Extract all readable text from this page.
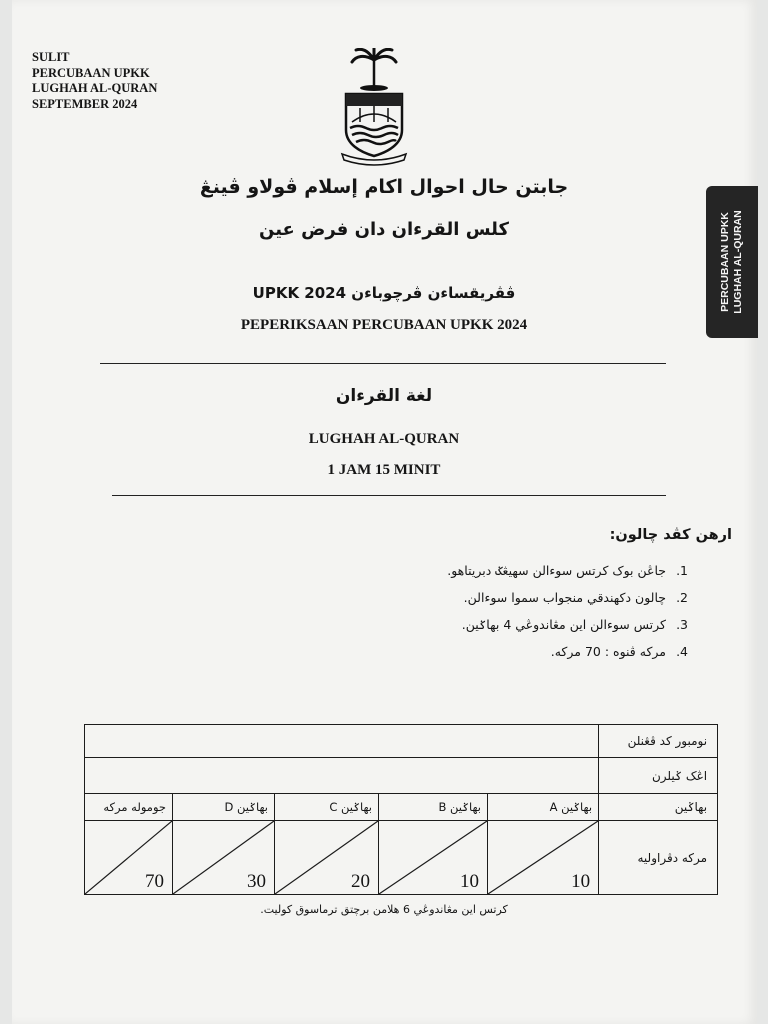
SULIT
PERCUBAAN UPKK
LUGHAH AL-QURAN
SEPTEMBER 2024
جابتن حال احوال اکام إسلام ڤولاو ڤينڠ
کلس القرءان دان فرض عين
ڤڤريقساءن ڤرچوباءن UPKK 2024
PEPERIKSAAN PERCUBAAN UPKK 2024
لغة القرءان
LUGHAH AL-QURAN
1 JAM 15 MINIT
PERCUBAAN UPKK LUGHAH AL-QURAN
ارهن کڤد چالون:
1.
جاڠن بوک کرتس سوءالن سهيڠݢ دبريتاهو.
2.
چالون دکهندقي منجواب سموا سوءالن.
3.
کرتس سوءالن اين مڠاندوڠي 4 بهاݢين.
4.
مرکه ڤنوه : 70 مرکه.
					نومبور کد ڤڠنلن
					اڠک ݢيلرن
جوموله مرکه	بهاݢين D	بهاݢين C	بهاݢين B	بهاݢين A	بهاݢين

70	30	20	10	10	مرکه دڤراوليه
کرتس اين مڠاندوڠي 6 هلامن برچتق ترماسوق کوليت.
